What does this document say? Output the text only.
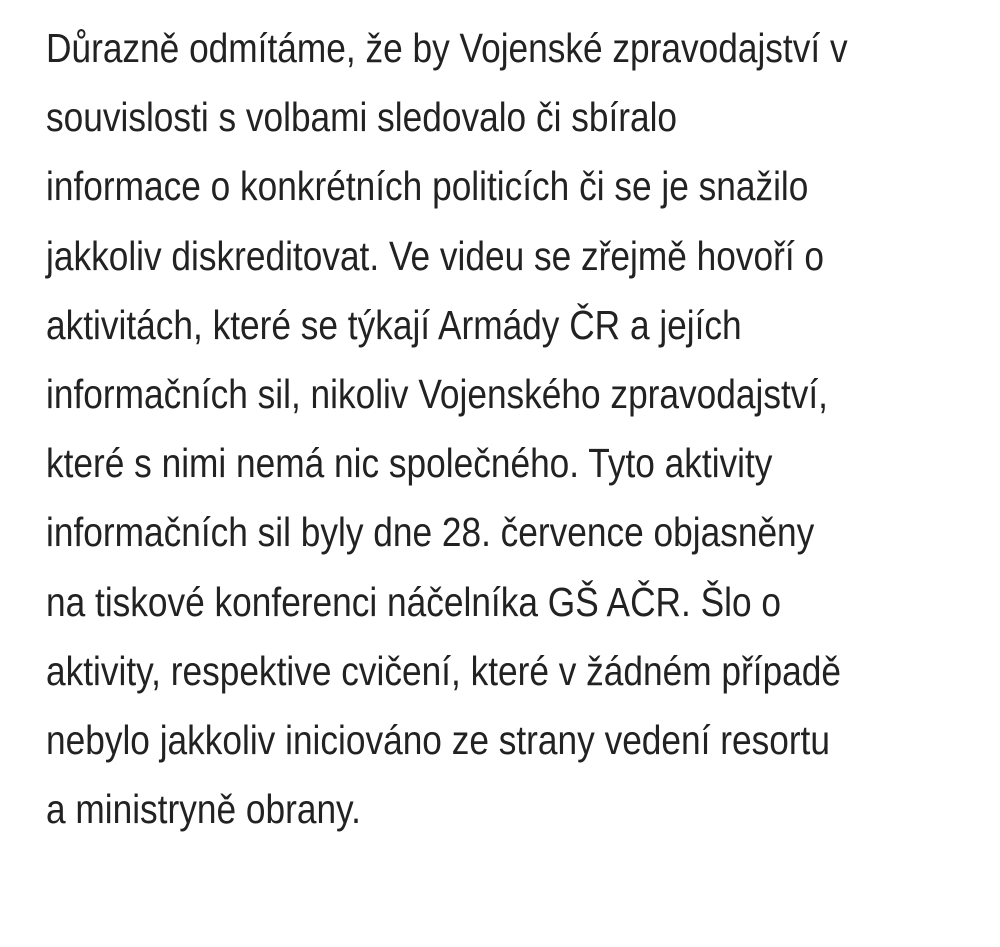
Důrazně odmítáme, že by Vojenské zpravodajství v
souvislosti s volbami sledovalo či sbíralo
informace o konkrétních politicích či se je snažilo
jakkoliv diskreditovat. Ve videu se zřejmě hovoří o
aktivitách, které se týkají Armády ČR a jejích
informačních sil, nikoliv Vojenského zpravodajství,
které s nimi nemá nic společného. Tyto aktivity
informačních sil byly dne 28. července objasněny
na tiskové konferenci náčelníka GŠ AČR. Šlo o
aktivity, respektive cvičení, které v žádném případě
nebylo jakkoliv iniciováno ze strany vedení resortu
a ministryně obrany.
